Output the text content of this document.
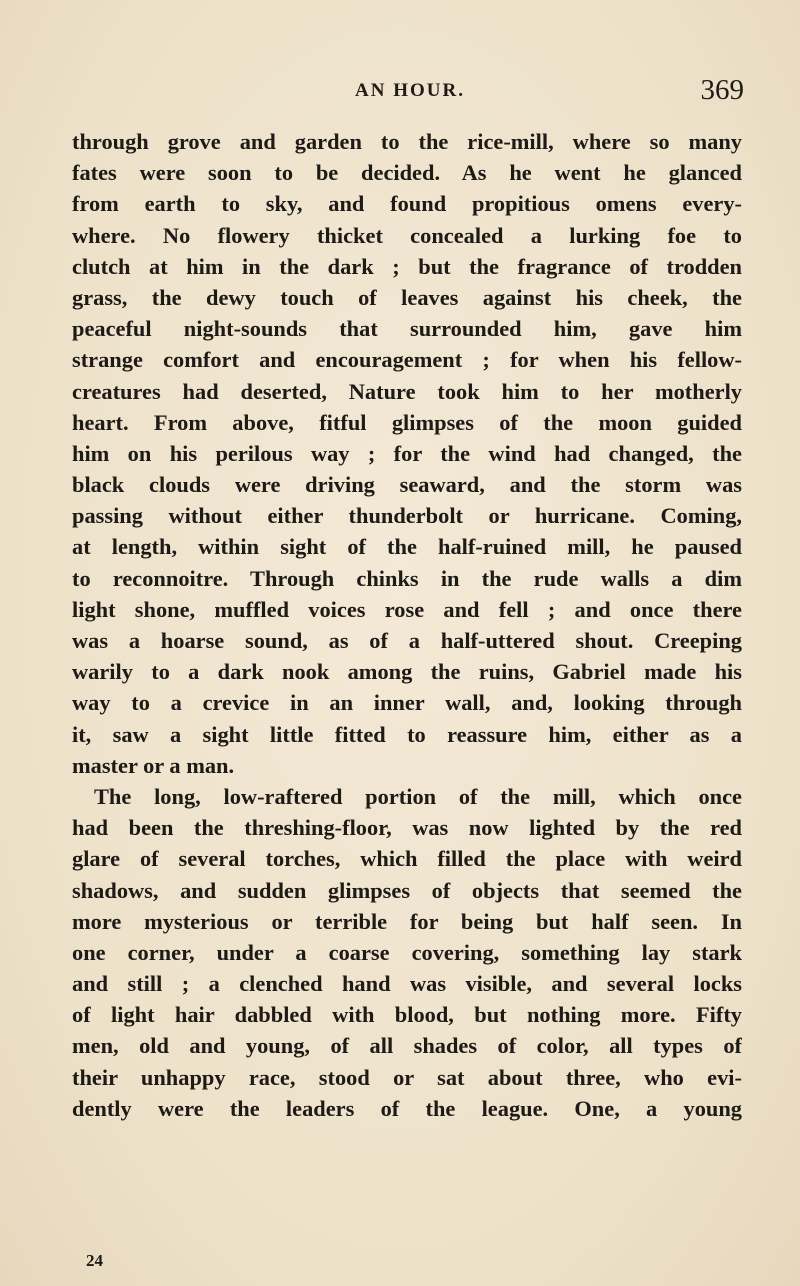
AN HOUR.	369
through grove and garden to the rice-mill, where so many
fates were soon to be decided. As he went he glanced
from earth to sky, and found propitious omens every-
where. No flowery thicket concealed a lurking foe to
clutch at him in the dark ; but the fragrance of trodden
grass, the dewy touch of leaves against his cheek, the
peaceful night-sounds that surrounded him, gave him
strange comfort and encouragement ; for when his fellow-
creatures had deserted, Nature took him to her motherly
heart. From above, fitful glimpses of the moon guided
him on his perilous way ; for the wind had changed, the
black clouds were driving seaward, and the storm was
passing without either thunderbolt or hurricane. Coming,
at length, within sight of the half-ruined mill, he paused
to reconnoitre. Through chinks in the rude walls a dim
light shone, muffled voices rose and fell ; and once there
was a hoarse sound, as of a half-uttered shout. Creeping
warily to a dark nook among the ruins, Gabriel made his
way to a crevice in an inner wall, and, looking through
it, saw a sight little fitted to reassure him, either as a
master or a man.
The long, low-raftered portion of the mill, which once
had been the threshing-floor, was now lighted by the red
glare of several torches, which filled the place with weird
shadows, and sudden glimpses of objects that seemed the
more mysterious or terrible for being but half seen. In
one corner, under a coarse covering, something lay stark
and still ; a clenched hand was visible, and several locks
of light hair dabbled with blood, but nothing more. Fifty
men, old and young, of all shades of color, all types of
their unhappy race, stood or sat about three, who evi-
dently were the leaders of the league. One, a young
24
